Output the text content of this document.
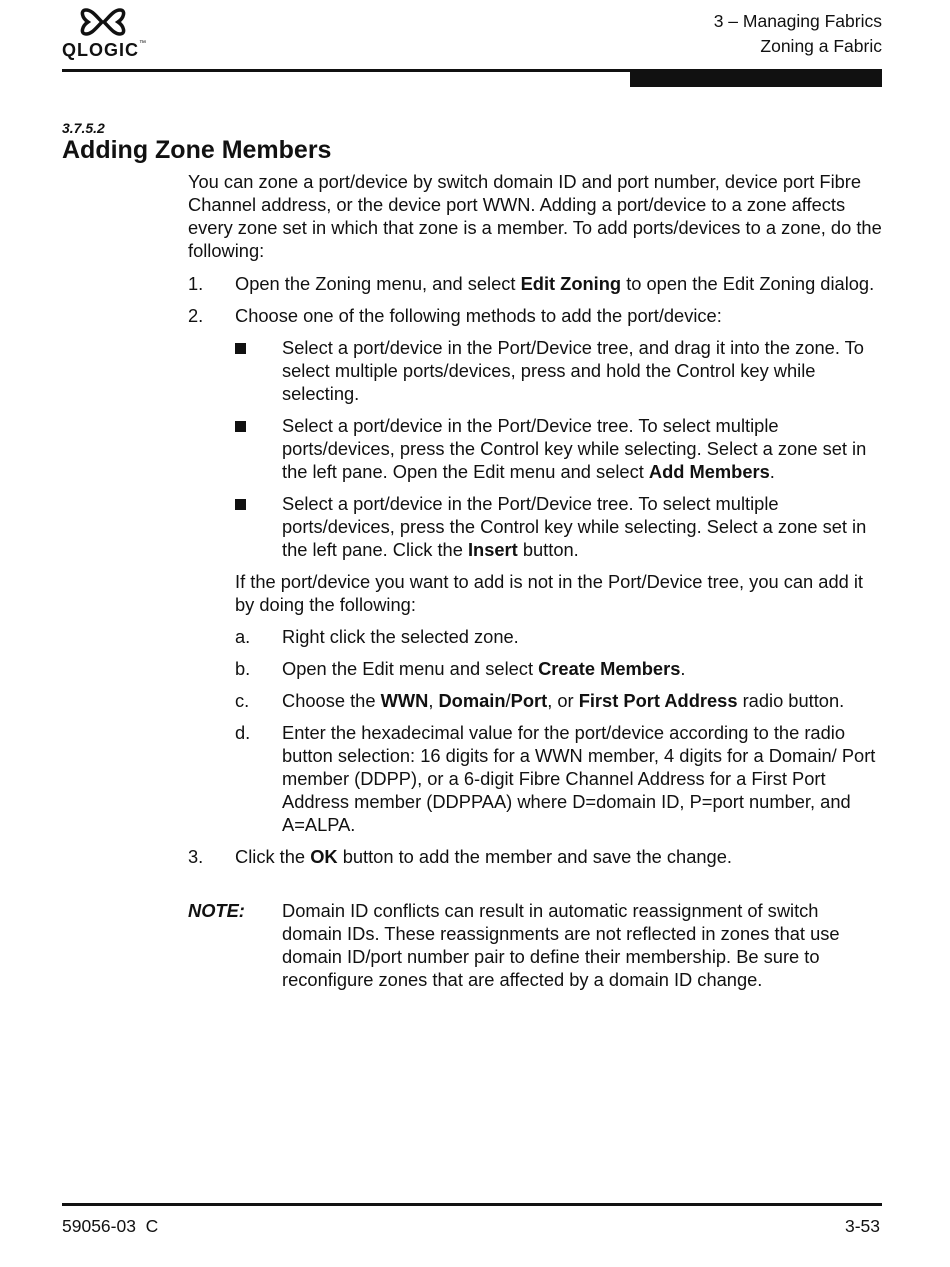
QLOGIC™
3 – Managing Fabrics
Zoning a Fabric
3.7.5.2
Adding Zone Members

You can zone a port/device by switch domain ID and port number, device port Fibre Channel address, or the device port WWN. Adding a port/device to a zone affects every zone set in which that zone is a member. To add ports/devices to a zone, do the following:

1.	Open the Zoning menu, and select Edit Zoning to open the Edit Zoning dialog.
2.	Choose one of the following methods to add the port/device:
Select a port/device in the Port/Device tree, and drag it into the zone. To select multiple ports/devices, press and hold the Control key while selecting.
Select a port/device in the Port/Device tree. To select multiple ports/devices, press the Control key while selecting. Select a zone set in the left pane. Open the Edit menu and select Add Members.
Select a port/device in the Port/Device tree. To select multiple ports/devices, press the Control key while selecting. Select a zone set in the left pane. Click the Insert button.

If the port/device you want to add is not in the Port/Device tree, you can add it by doing the following:

a.	Right click the selected zone.
b.	Open the Edit menu and select Create Members.
c.	Choose the WWN, Domain/Port, or First Port Address radio button.
d.	Enter the hexadecimal value for the port/device according to the radio button selection: 16 digits for a WWN member, 4 digits for a Domain/ Port member (DDPP), or a 6-digit Fibre Channel Address for a First Port Address member (DDPPAA) where D=domain ID, P=port number, and A=ALPA.
3.	Click the OK button to add the member and save the change.
NOTE:	Domain ID conflicts can result in automatic reassignment of switch domain IDs. These reassignments are not reflected in zones that use domain ID/port number pair to define their membership. Be sure to reconfigure zones that are affected by a domain ID change.
59056-03  C	3-53
